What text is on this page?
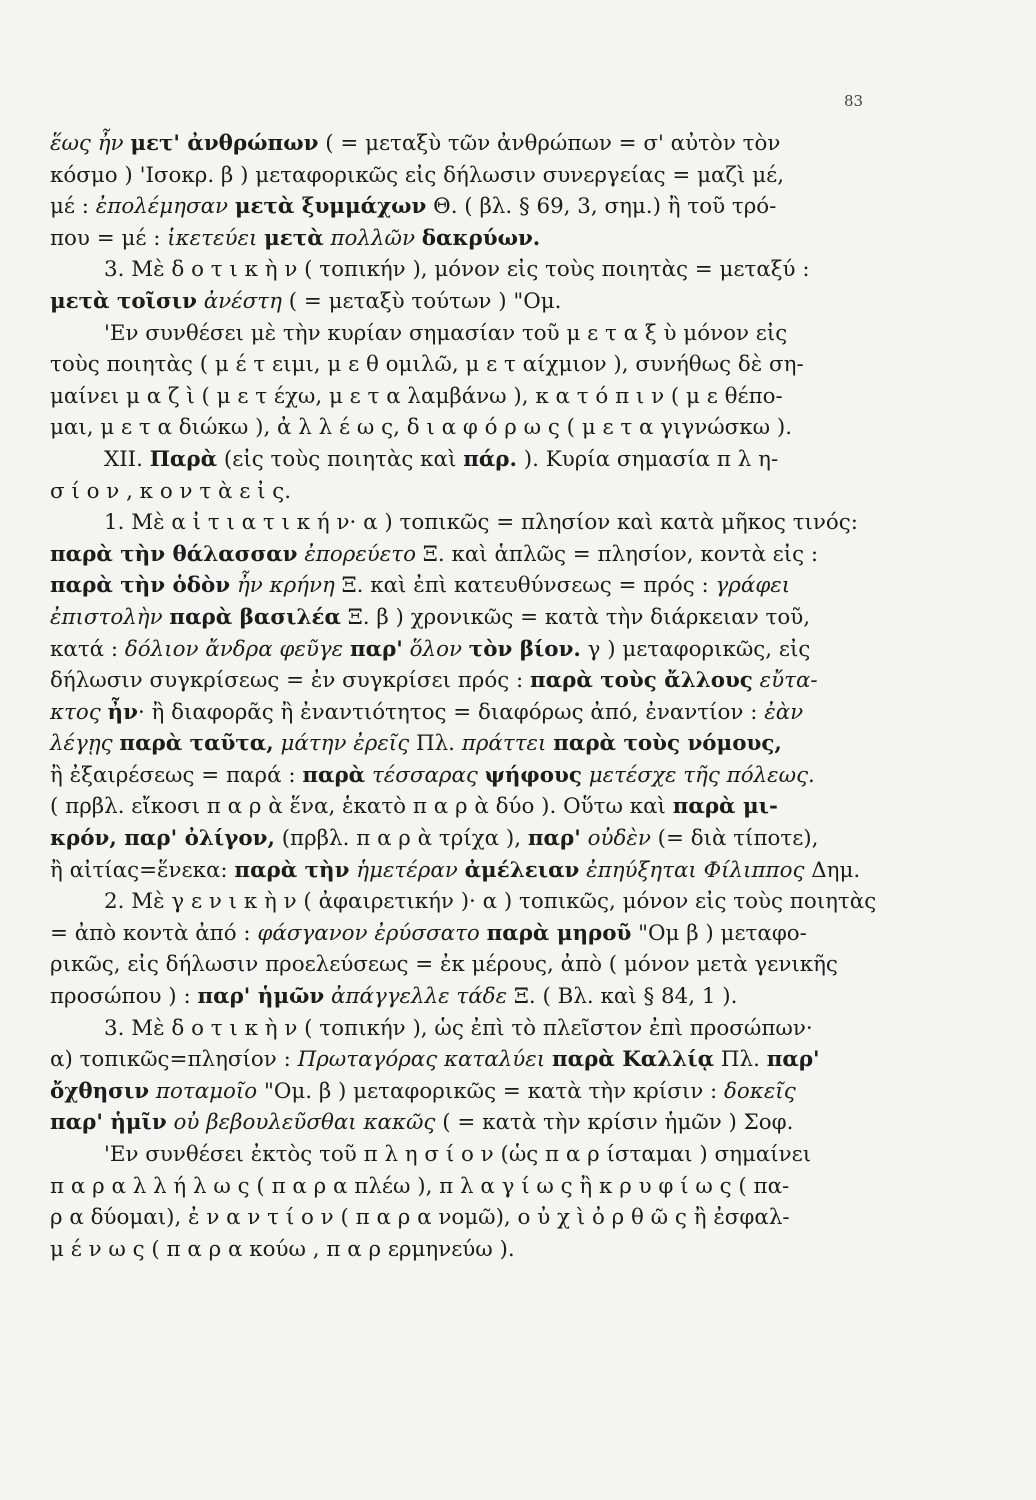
83
ἕως ἦν μετ' ἀνθρώπων ( = μεταξὺ τῶν ἀνθρώπων = σ' αὐτὸν τὸν
κόσμο ) 'Ισοκρ. β ) μεταφορικῶς εἰς δήλωσιν συνεργείας = μαζὶ μέ,
μέ : ἐπολέμησαν μετὰ ξυμμάχων Θ. ( βλ. § 69, 3, σημ.) ἢ τοῦ τρό-
που = μέ : ἱκετεύει μετὰ πολλῶν δακρύων.
3. Μὲ δ ο τ ι κ ὴ ν ( τοπικήν ), μόνον εἰς τοὺς ποιητὰς = μεταξύ :
μετὰ τοῖσιν ἀνέστη ( = μεταξὺ τούτων ) "Ομ.
'Εν συνθέσει μὲ τὴν κυρίαν σημασίαν τοῦ μ ε τ α ξ ὺ μόνον εἰς
τοὺς ποιητὰς ( μ έ τ ειμι, μ ε θ ομιλῶ, μ ε τ αίχμιον ), συνήθως δὲ ση-
μαίνει μ α ζ ὶ ( μ ε τ έχω, μ ε τ α λαμβάνω ), κ α τ ό π ι ν ( μ ε θέπο-
μαι, μ ε τ α διώκω ), ἀ λ λ έ ω ς, δ ι α φ ό ρ ω ς ( μ ε τ α γιγνώσκω ).
XII. Παρὰ (εἰς τοὺς ποιητὰς καὶ πάρ. ). Κυρία σημασία π λ η-
σ ί ο ν , κ ο ν τ ὰ ε ἰ ς.
1. Μὲ α ἰ τ ι α τ ι κ ή ν· α ) τοπικῶς = πλησίον καὶ κατὰ μῆκος τινός:
παρὰ τὴν θάλασσαν ἐπορεύετο Ξ. καὶ ἁπλῶς = πλησίον, κοντὰ εἰς :
παρὰ τὴν ὁδὸν ἦν κρήνη Ξ. καὶ ἐπὶ κατευθύνσεως = πρός : γράφει
ἐπιστολὴν παρὰ βασιλέα Ξ. β ) χρονικῶς = κατὰ τὴν διάρκειαν τοῦ,
κατά : δόλιον ἄνδρα φεῦγε παρ' ὅλον τὸν βίον. γ ) μεταφορικῶς, εἰς
δήλωσιν συγκρίσεως = ἐν συγκρίσει πρός : παρὰ τοὺς ἄλλους εὔτα-
κτος ἦν· ἢ διαφορᾶς ἢ ἐναντιότητος = διαφόρως ἀπό, ἐναντίον : ἐὰν
λέγῃς παρὰ ταῦτα, μάτην ἐρεῖς Πλ. πράττει παρὰ τοὺς νόμους,
ἢ ἐξαιρέσεως = παρά : παρὰ τέσσαρας ψήφους μετέσχε τῆς πόλεως.
( πρβλ. εἴκοσι π α ρ ὰ ἕνα, ἑκατὸ π α ρ ὰ δύο ). Οὕτω καὶ παρὰ μι-
κρόν, παρ' ὀλίγον, (πρβλ. π α ρ ὰ τρίχα ), παρ' οὐδὲν (= διὰ τίποτε),
ἢ αἰτίας=ἕνεκα: παρὰ τὴν ἡμετέραν ἀμέλειαν ἐπηύξηται Φίλιππος Δημ.
2. Μὲ γ ε ν ι κ ὴ ν ( ἀφαιρετικήν )· α ) τοπικῶς, μόνον εἰς τοὺς ποιητὰς
= ἀπὸ κοντὰ ἀπό : φάσγανον ἐρύσσατο παρὰ μηροῦ "Ομ β ) μεταφο-
ρικῶς, εἰς δήλωσιν προελεύσεως = ἐκ μέρους, ἀπὸ ( μόνον μετὰ γενικῆς
προσώπου ) : παρ' ἡμῶν ἀπάγγελλε τάδε Ξ. ( Βλ. καὶ § 84, 1 ).
3. Μὲ δ ο τ ι κ ὴ ν ( τοπικήν ), ὡς ἐπὶ τὸ πλεῖστον ἐπὶ προσώπων·
α) τοπικῶς=πλησίον : Πρωταγόρας καταλύει παρὰ Καλλίᾳ Πλ. παρ'
ὄχθησιν ποταμοῖο "Ομ. β ) μεταφορικῶς = κατὰ τὴν κρίσιν : δοκεῖς
παρ' ἡμῖν οὐ βεβουλεῦσθαι κακῶς ( = κατὰ τὴν κρίσιν ἡμῶν ) Σοφ.
'Εν συνθέσει ἐκτὸς τοῦ π λ η σ ί ο ν (ὡς π α ρ ίσταμαι ) σημαίνει
π α ρ α λ λ ή λ ω ς ( π α ρ α πλέω ), π λ α γ ί ω ς ἢ κ ρ υ φ ί ω ς ( πα-
ρ α δύομαι), ἐ ν α ν τ ί ο ν ( π α ρ α νομῶ), ο ὐ χ ὶ ὀ ρ θ ῶ ς ἢ ἐσφαλ-
μ έ ν ω ς ( π α ρ α κούω , π α ρ ερμηνεύω ).
